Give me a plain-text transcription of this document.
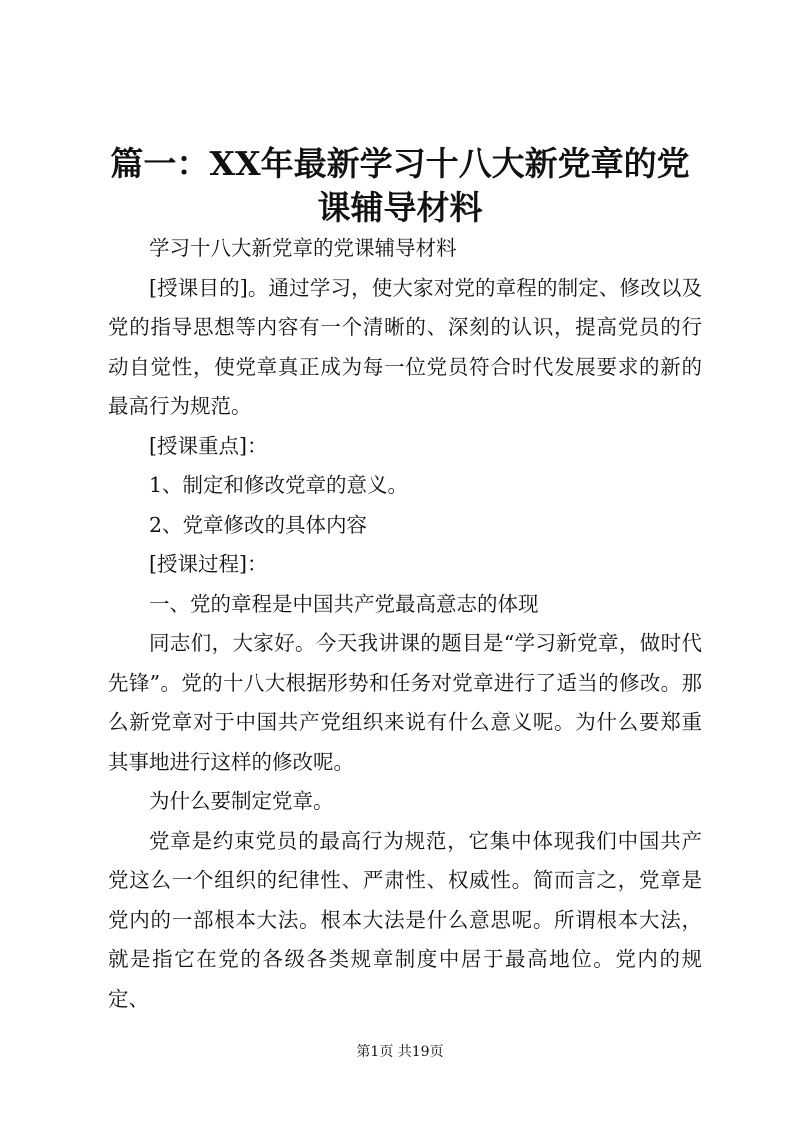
篇一：XX年最新学习十八大新党章的党课辅导材料

学习十八大新党章的党课辅导材料

[授课目的]。通过学习，使大家对党的章程的制定、修改以及党的指导思想等内容有一个清晰的、深刻的认识，提高党员的行动自觉性，使党章真正成为每一位党员符合时代发展要求的新的最高行为规范。

[授课重点]：

1、制定和修改党章的意义。

2、党章修改的具体内容

[授课过程]：

一、党的章程是中国共产党最高意志的体现

同志们，大家好。今天我讲课的题目是“学习新党章，做时代先锋”。党的十八大根据形势和任务对党章进行了适当的修改。那么新党章对于中国共产党组织来说有什么意义呢。为什么要郑重其事地进行这样的修改呢。

为什么要制定党章。

党章是约束党员的最高行为规范，它集中体现我们中国共产党这么一个组织的纪律性、严肃性、权威性。简而言之，党章是党内的一部根本大法。根本大法是什么意思呢。所谓根本大法，就是指它在党的各级各类规章制度中居于最高地位。党内的规定、

第1页 共19页
